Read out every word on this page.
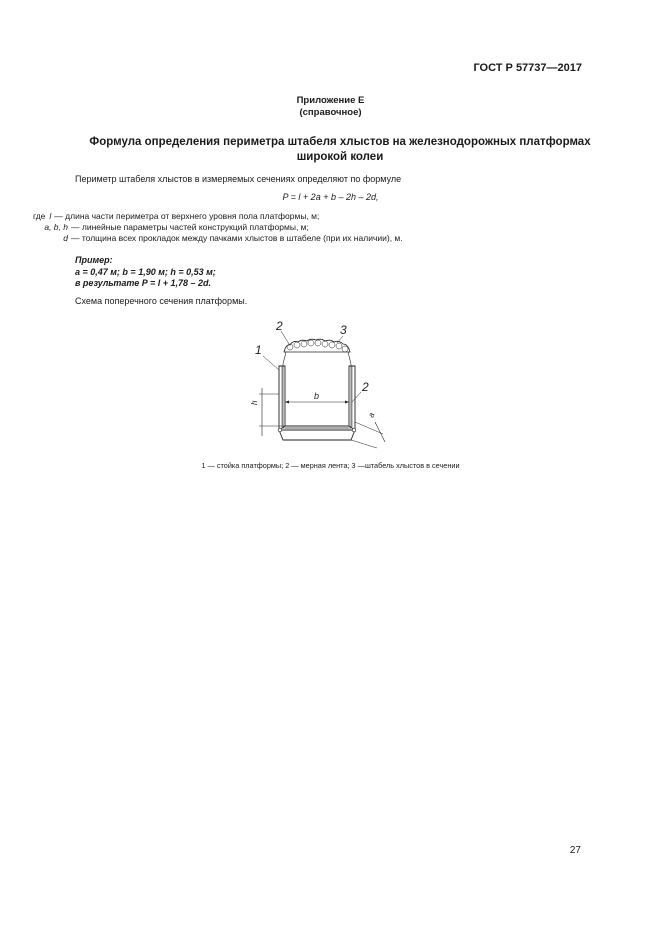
ГОСТ Р 57737—2017
Приложение Е
(справочное)
Формула определения периметра штабеля хлыстов на железнодорожных платформах
широкой колеи
Периметр штабеля хлыстов в измеряемых сечениях определяют по формуле
P = l + 2a + b – 2h – 2d,
где l — длина части периметра от верхнего уровня пола платформы, м;
a, b, h — линейные параметры частей конструкций платформы, м;
d — толщина всех прокладок между пачками хлыстов в штабеле (при их наличии), м.
Пример:
a = 0,47 м; b = 1,90 м; h = 0,53 м;
в результате P = l + 1,78 – 2d.
Схема поперечного сечения платформы.
b
h
a
1
2	3
2
1 — стойка платформы; 2 — мерная лента; 3 —штабель хлыстов в сечении
27
